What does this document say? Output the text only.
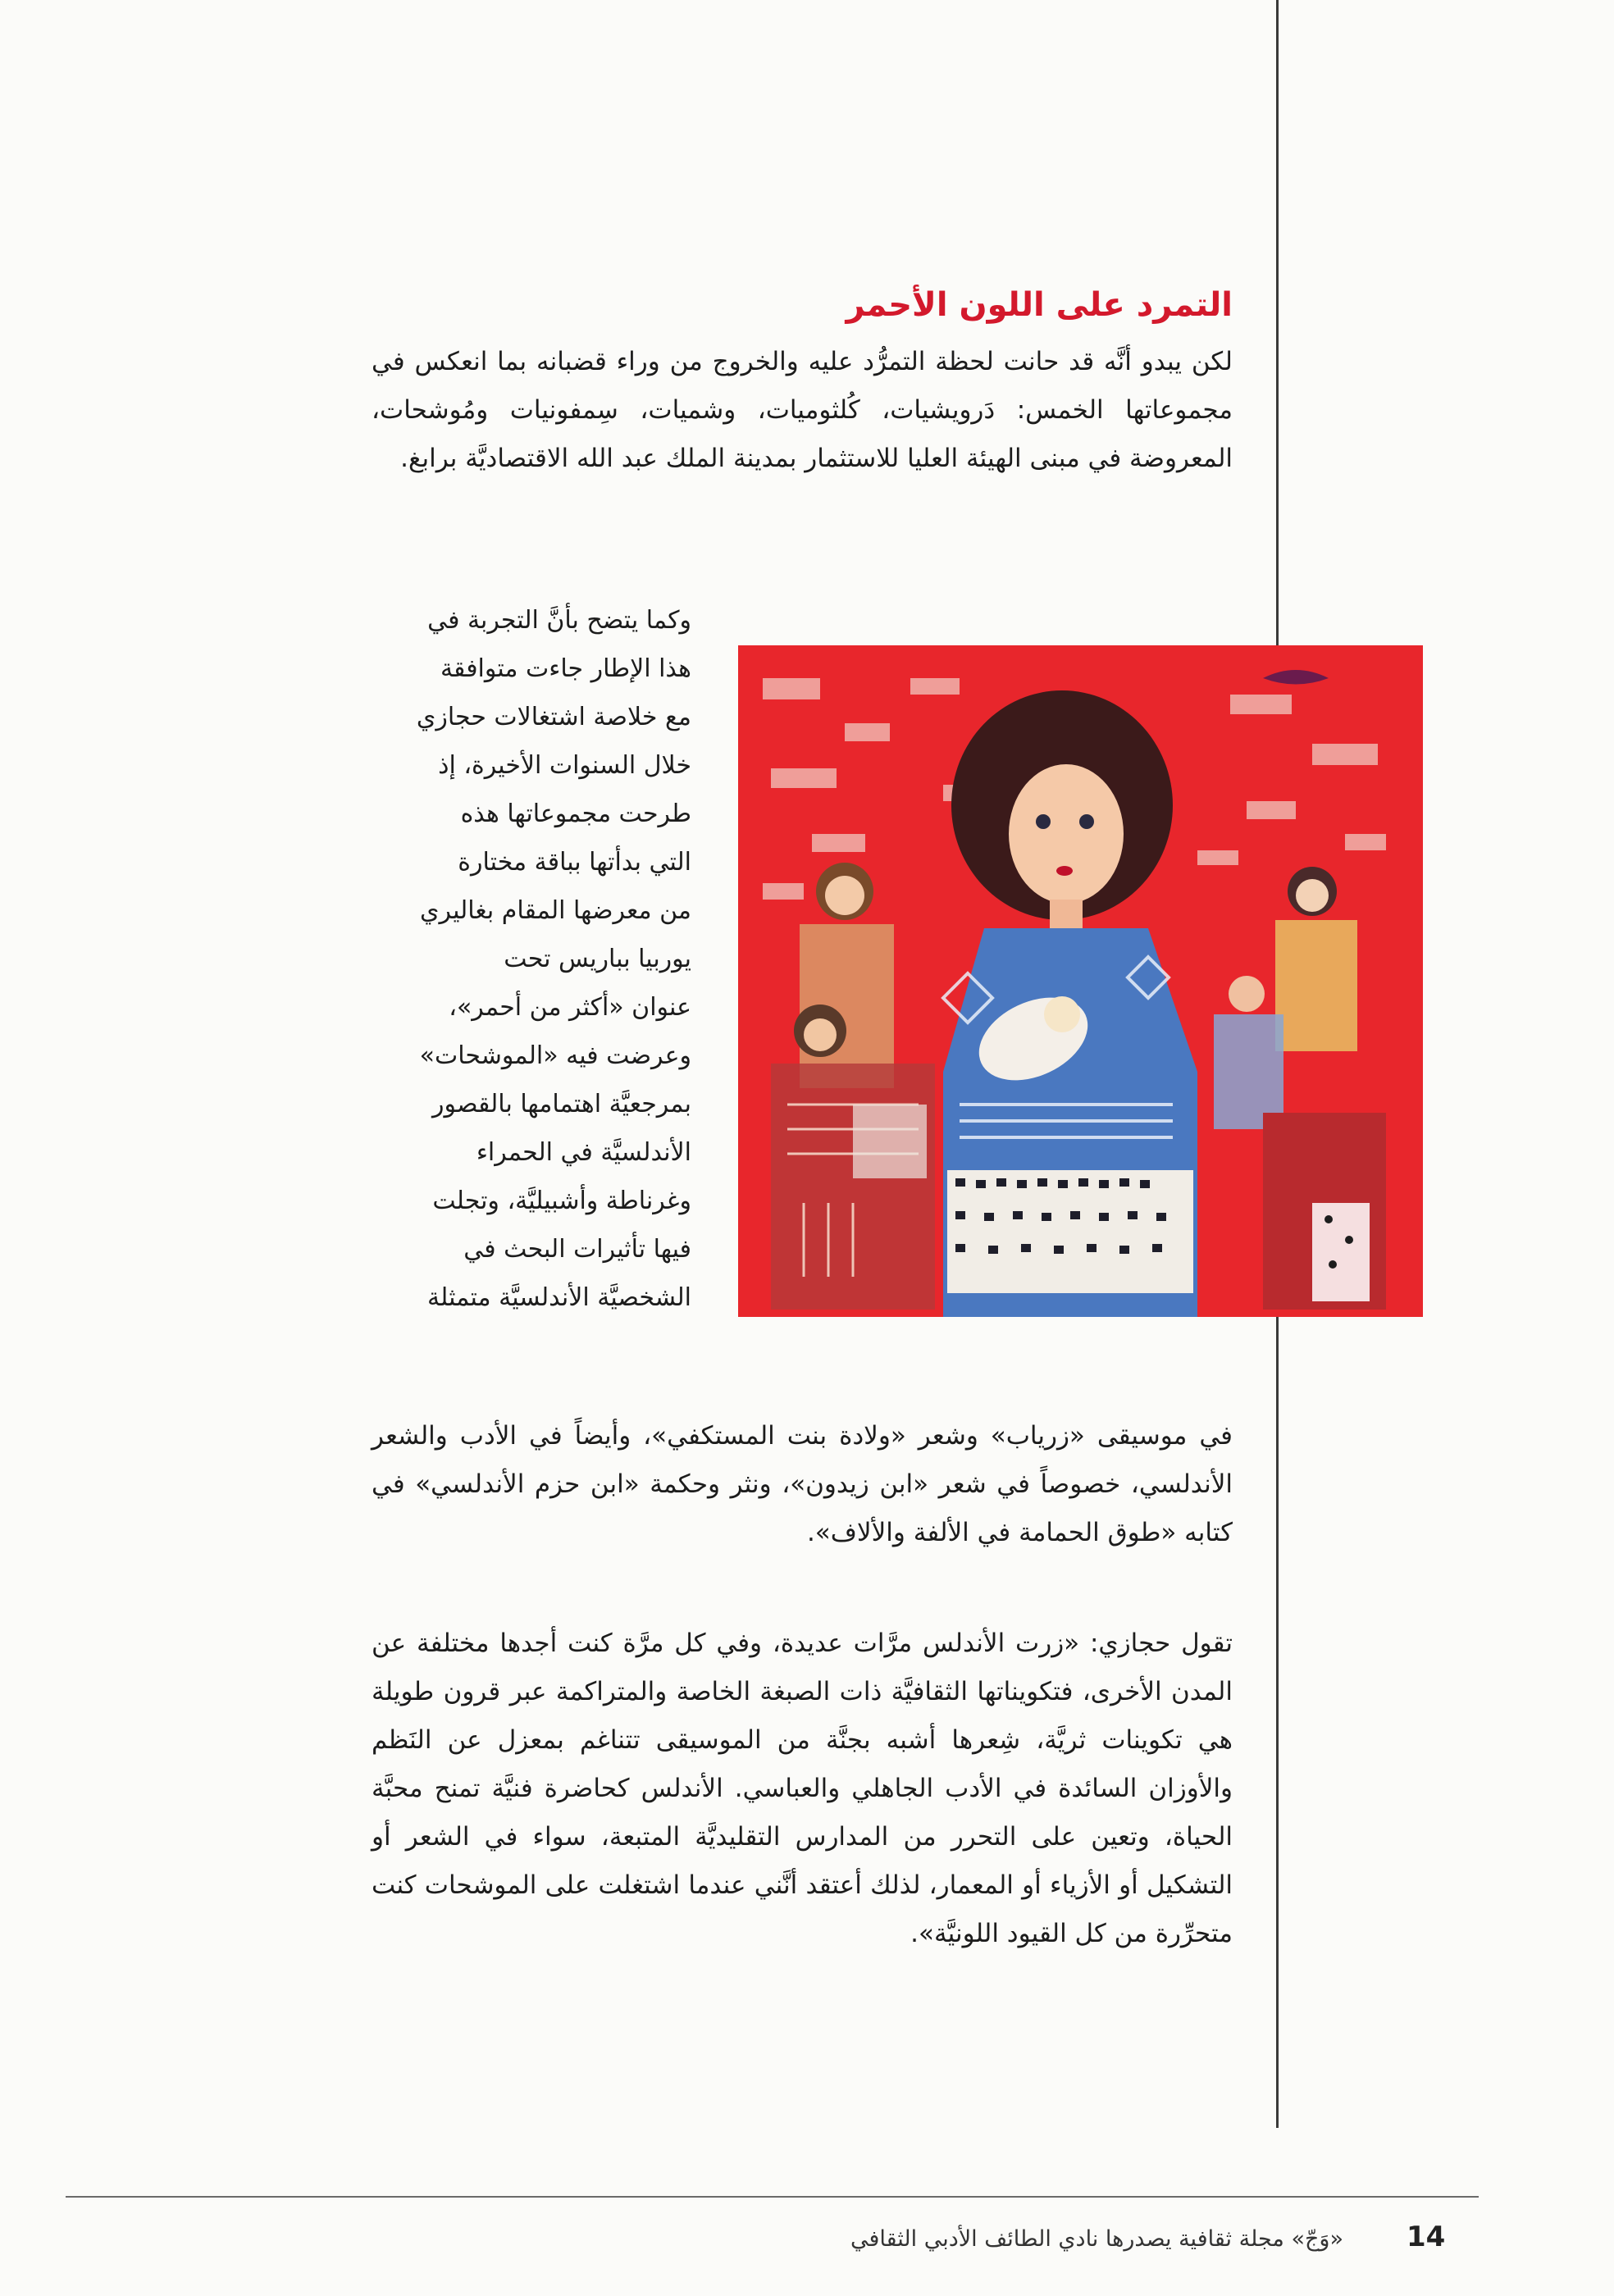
التمرد على اللون الأحمر

لكن يبدو أنَّه قد حانت لحظة التمرُّد عليه والخروج من وراء قضبانه بما انعكس في مجموعاتها الخمس: دَرويشيات، كُلثوميات، وشميات، سِمفونيات ومُوشحات، المعروضة في مبنى الهيئة العليا للاستثمار بمدينة الملك عبد الله الاقتصاديَّة برابغ.

وكما يتضح بأنَّ التجربة في
هذا الإطار جاءت متوافقة
مع خلاصة اشتغالات حجازي
خلال السنوات الأخيرة، إذ
طرحت مجموعاتها هذه
التي بدأتها بباقة مختارة
من معرضها المقام بغاليري
يوربيا بباريس تحت
عنوان «أكثر من أحمر»،
وعرضت فيه «الموشحات»
بمرجعيَّة اهتمامها بالقصور
الأندلسيَّة في الحمراء
وغرناطة وأشبيليَّة، وتجلت
فيها تأثيرات البحث في
الشخصيَّة الأندلسيَّة متمثلة

في موسيقى «زرياب» وشعر «ولادة بنت المستكفي»، وأيضاً في الأدب والشعر الأندلسي، خصوصاً في شعر «ابن زيدون»، ونثر وحكمة «ابن حزم الأندلسي» في كتابه «طوق الحمامة في الألفة والألاف».

تقول حجازي: «زرت الأندلس مرَّات عديدة، وفي كل مرَّة كنت أجدها مختلفة عن المدن الأخرى، فتكويناتها الثقافيَّة ذات الصبغة الخاصة والمتراكمة عبر قرون طويلة هي تكوينات ثريَّة، شِعرها أشبه بجنَّة من الموسيقى تتناغم بمعزل عن النَظم والأوزان السائدة في الأدب الجاهلي والعباسي. الأندلس كحاضرة فنيَّة تمنح محبَّة الحياة، وتعين على التحرر من المدارس التقليديَّة المتبعة، سواء في الشعر أو التشكيل أو الأزياء أو المعمار، لذلك أعتقد أنَّني عندما اشتغلت على الموشحات كنت متحرِّرة من كل القيود اللونيَّة».

«وَجّ» مجلة ثقافية يصدرها نادي الطائف الأدبي الثقافي 14
